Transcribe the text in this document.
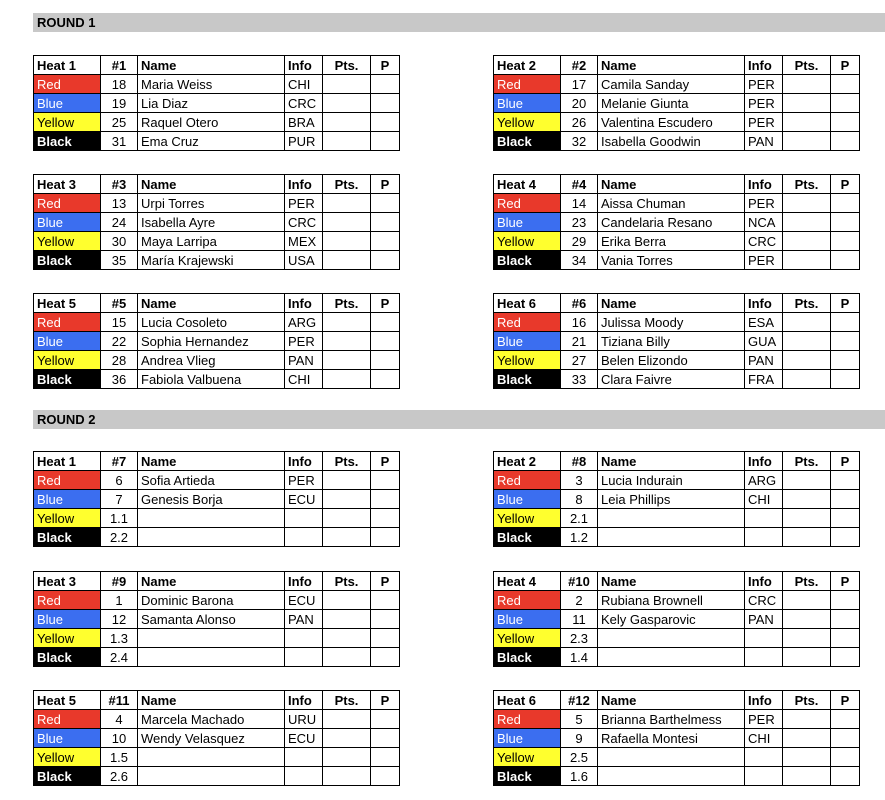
ROUND 1
Heat 1	#1	Name	Info	Pts.	P
Red	18	Maria Weiss	CHI		
Blue	19	Lia Diaz	CRC		
Yellow	25	Raquel Otero	BRA		
Black	31	Ema Cruz	PUR		
Heat 2	#2	Name	Info	Pts.	P
Red	17	Camila Sanday	PER		
Blue	20	Melanie Giunta	PER		
Yellow	26	Valentina Escudero	PER		
Black	32	Isabella Goodwin	PAN		
Heat 3	#3	Name	Info	Pts.	P
Red	13	Urpi Torres	PER		
Blue	24	Isabella Ayre	CRC		
Yellow	30	Maya Larripa	MEX		
Black	35	María Krajewski	USA		
Heat 4	#4	Name	Info	Pts.	P
Red	14	Aissa Chuman	PER		
Blue	23	Candelaria Resano	NCA		
Yellow	29	Erika Berra	CRC		
Black	34	Vania Torres	PER		
Heat 5	#5	Name	Info	Pts.	P
Red	15	Lucia Cosoleto	ARG		
Blue	22	Sophia Hernandez	PER		
Yellow	28	Andrea Vlieg	PAN		
Black	36	Fabiola Valbuena	CHI		
Heat 6	#6	Name	Info	Pts.	P
Red	16	Julissa Moody	ESA		
Blue	21	Tiziana Billy	GUA		
Yellow	27	Belen Elizondo	PAN		
Black	33	Clara Faivre	FRA		
ROUND 2
Heat 1	#7	Name	Info	Pts.	P
Red	6	Sofia Artieda	PER		
Blue	7	Genesis Borja	ECU		
Yellow	1.1				
Black	2.2				
Heat 2	#8	Name	Info	Pts.	P
Red	3	Lucia Indurain	ARG		
Blue	8	Leia Phillips	CHI		
Yellow	2.1				
Black	1.2				
Heat 3	#9	Name	Info	Pts.	P
Red	1	Dominic Barona	ECU		
Blue	12	Samanta Alonso	PAN		
Yellow	1.3				
Black	2.4				
Heat 4	#10	Name	Info	Pts.	P
Red	2	Rubiana Brownell	CRC		
Blue	11	Kely Gasparovic	PAN		
Yellow	2.3				
Black	1.4				
Heat 5	#11	Name	Info	Pts.	P
Red	4	Marcela Machado	URU		
Blue	10	Wendy Velasquez	ECU		
Yellow	1.5				
Black	2.6				
Heat 6	#12	Name	Info	Pts.	P
Red	5	Brianna Barthelmess	PER		
Blue	9	Rafaella Montesi	CHI		
Yellow	2.5				
Black	1.6				
